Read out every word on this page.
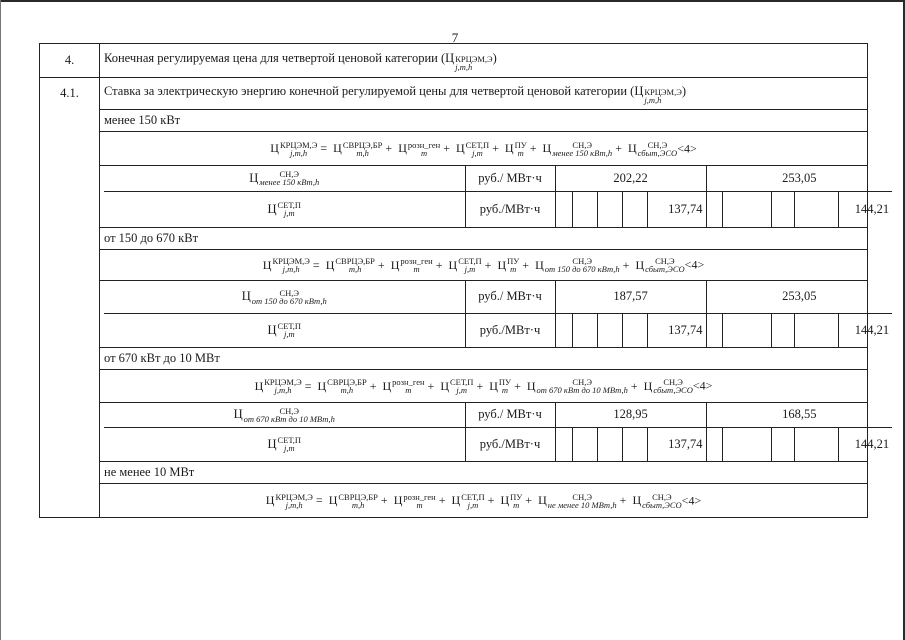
7
4.	Конечная регулируемая цена для четвертой ценовой категории (Ц КРЦЭМ,Э
j,m,h
)
4.1.	Ставка за электрическую энергию конечной регулируемой цены для четвертой ценовой категории (Ц КРЦЭМ,Э
j,m,h
)
менее 150 кВт

Ц КРЦЭМ,Э
j,m,h	= Ц СВРЦЭ,БР
m,h	+ Ц розн_ген
m	+ Ц СЕТ,П
j,m + Ц ПУ
m + Ц	СН,Э
менее 150 кВт,h + Ц	СН,Э
сбыт,ЭСО <4>

Ц	СН,Э
менее 150 кВт,h	руб./ МВт·ч	202,22	253,05

Ц СЕТ,П
j,m	руб./МВт·ч					137,74					144,21

от 150 до 670 кВт

Ц КРЦЭМ,Э
j,m,h	= Ц СВРЦЭ,БР
m,h	+ Ц розн_ген
m	+ Ц СЕТ,П
j,m + Ц ПУ
m + Ц	СН,Э
от 150 до 670 кВт,h + Ц	СН,Э
сбыт,ЭСО <4>

Ц	СН,Э
от 150 до 670 кВт,h	руб./ МВт·ч	187,57	253,05

Ц СЕТ,П
j,m	руб./МВт·ч					137,74					144,21

от 670 кВт до 10 МВт

Ц КРЦЭМ,Э
j,m,h	= Ц СВРЦЭ,БР
m,h	+ Ц розн_ген
m	+ Ц СЕТ,П
j,m + Ц ПУ
m + Ц	СН,Э
от 670 кВт до 10 МВт,h + Ц	СН,Э
сбыт,ЭСО <4>

Ц	СН,Э
от 670 кВт до 10 МВт,h	руб./ МВт·ч	128,95	168,55

Ц СЕТ,П
j,m	руб./МВт·ч					137,74					144,21

не менее 10 МВт

Ц КРЦЭМ,Э
j,m,h	= Ц СВРЦЭ,БР
m,h	+ Ц розн_ген
m	+ Ц СЕТ,П
j,m + Ц ПУ
m + Ц	СН,Э
не менее 10 МВт,h + Ц	СН,Э
сбыт,ЭСО <4>
